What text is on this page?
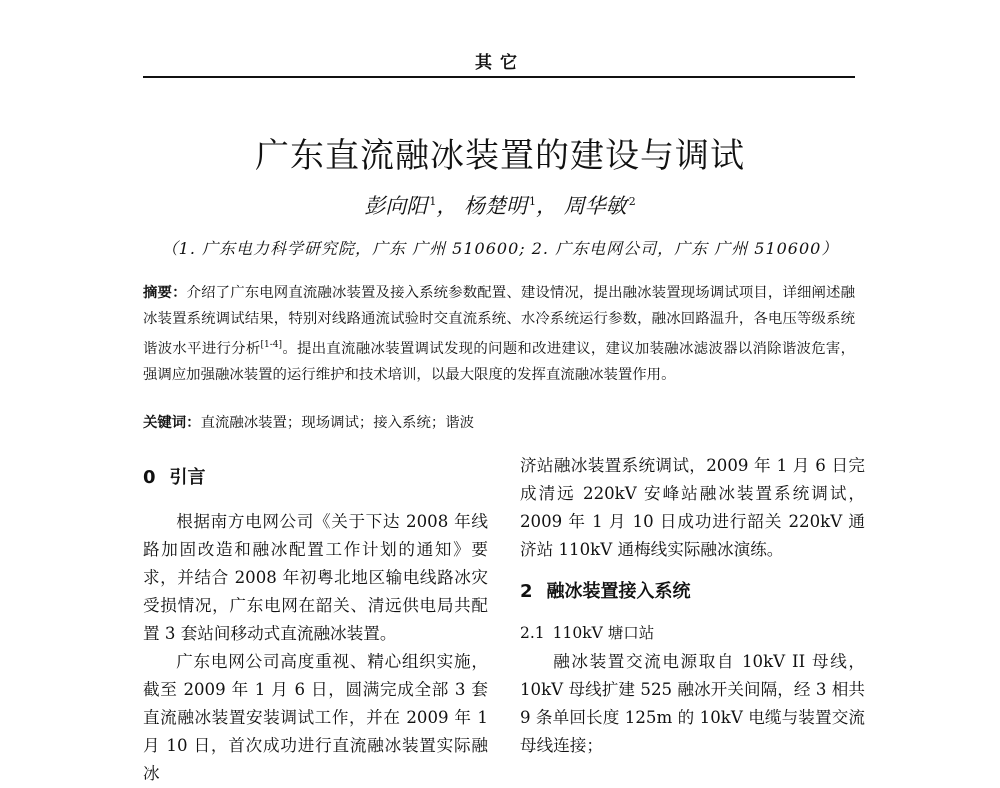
其它
广东直流融冰装置的建设与调试
彭向阳 $^1$， 杨楚明 $^1$， 周华敏 $^2$
（1. 广东电力科学研究院，广东 广州 510600; 2. 广东电网公司，广东 广州 510600）
摘要：介绍了广东电网直流融冰装置及接入系统参数配置、建设情况，提出融冰装置现场调试项目，详细阐述融冰装置系统调试结果，特别对线路通流试验时交直流系统、水冷系统运行参数，融冰回路温升，各电压等级系统谐波水平进行分析[1-4]。提出直流融冰装置调试发现的问题和改进建议，建议加装融冰滤波器以消除谐波危害，强调应加强融冰装置的运行维护和技术培训，以最大限度的发挥直流融冰装置作用。
关键词：直流融冰装置；现场调试；接入系统；谐波
0 引言

根据南方电网公司《关于下达 2008 年线路加固改造和融冰配置工作计划的通知》要求，并结合 2008 年初粤北地区输电线路冰灾受损情况，广东电网在韶关、清远供电局共配置 3 套站间移动式直流融冰装置。

广东电网公司高度重视、精心组织实施，截至 2009 年 1 月 6 日，圆满完成全部 3 套直流融冰装置安装调试工作，并在 2009 年 1 月 10 日，首次成功进行直流融冰装置实际融冰

济站融冰装置系统调试，2009 年 1 月 6 日完成清远 220kV 安峰站融冰装置系统调试，2009 年 1 月 10 日成功进行韶关 220kV 通济站 110kV 通梅线实际融冰演练。

2 融冰装置接入系统
2.1 110kV 塘口站

融冰装置交流电源取自 10kV II 母线，10kV 母线扩建 525 融冰开关间隔，经 3 相共 9 条单回长度 125m 的 10kV 电缆与装置交流母线连接；
